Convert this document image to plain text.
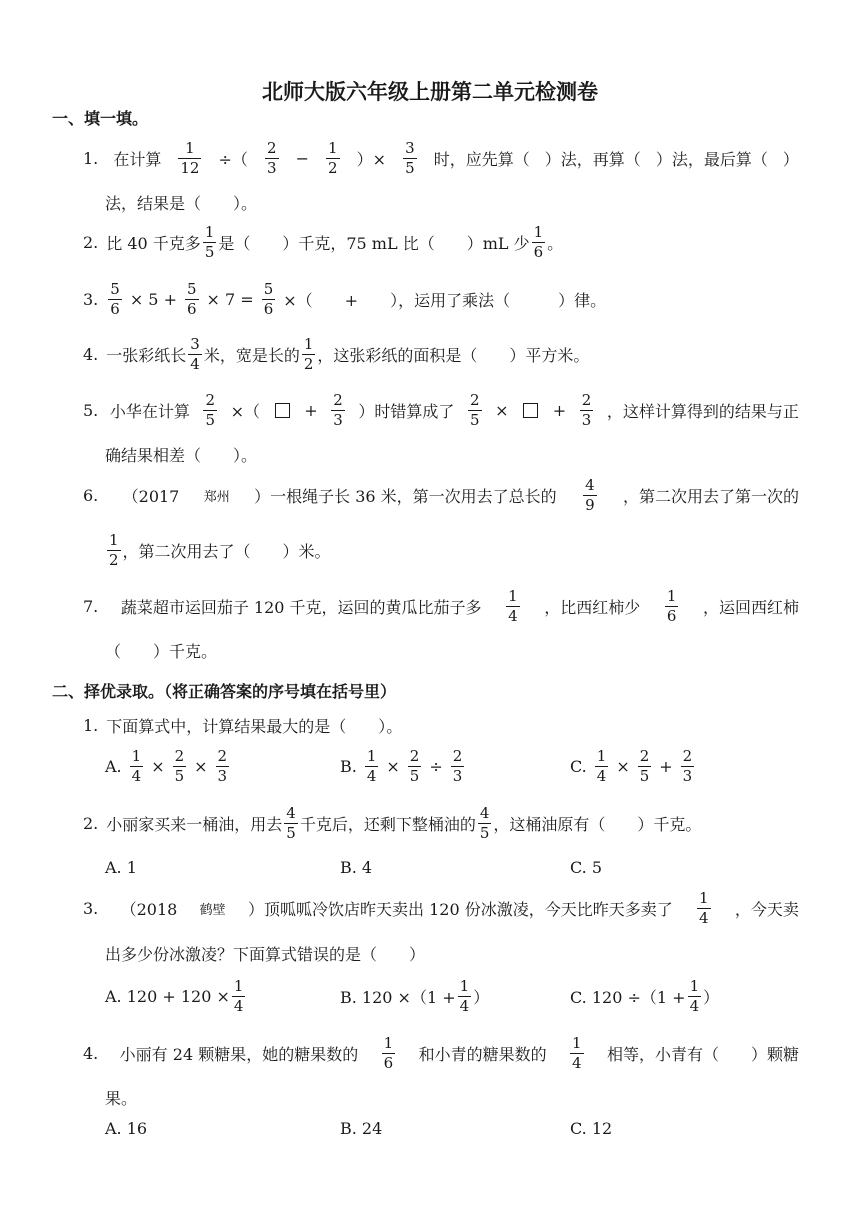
北师大版六年级上册第二单元检测卷
一、填一填。
1. 在计算 $\frac{1}{12}$ ÷（ $\frac{2}{3} - \frac{1}{2}$ ）× $\frac{3}{5}$ 时，应先算（ ）法，再算（ ）法，最后算（ ）
法，结果是（　　）。
2. 比 40 千克多 $\frac{1}{5}$ 是（　　）千克，75 mL 比（　　）mL 少 $\frac{1}{6}$ 。
3. $\frac{5}{6} \times 5 + \frac{5}{6} \times 7 = \frac{5}{6}$ ×（　　+　　），运用了乘法（　　　）律。
4. 一张彩纸长 $\frac{3}{4}$ 米，宽是长的 $\frac{1}{2}$ ，这张彩纸的面积是（　　）平方米。
5. 小华在计算 $\frac{2}{5}$ ×（	+ $\frac{2}{3}$ ）时错算成了 $\frac{2}{5}$ ×	+ $\frac{2}{3}$ ，这样计算得到的结果与正
确结果相差（　　）。
6. （2017 郑州 ）一根绳子长 36 米，第一次用去了总长的 $\frac{4}{9}$ ，第二次用去了第一次的
$\frac{1}{2}$ ，第二次用去了（　　）米。
7. 蔬菜超市运回茄子 120 千克，运回的黄瓜比茄子多 $\frac{1}{4}$ ，比西红柿少 $\frac{1}{6}$ ，运回西红柿
（　　）千克。
二、择优录取。（将正确答案的序号填在括号里）
1. 下面算式中，计算结果最大的是（　　）。
A. $\frac{1}{4} \times \frac{2}{5} \times \frac{2}{3}$	B. $\frac{1}{4} \times \frac{2}{5} \div \frac{2}{3}$	C. $\frac{1}{4} \times \frac{2}{5} + \frac{2}{3}$
2. 小丽家买来一桶油，用去 $\frac{4}{5}$ 千克后，还剩下整桶油的 $\frac{4}{5}$ ，这桶油原有（　　）千克。
A. 1	B. 4	C. 5
3. （2018 鹤壁 ）顶呱呱冷饮店昨天卖出 120 份冰激凌，今天比昨天多卖了 $\frac{1}{4}$ ，今天卖
出多少份冰激凌？下面算式错误的是（　　）
A. $120 + 120 \times \frac{1}{4}$	B. $120 \times(1 + \frac{1}{4}$ ）	C. $120 \div(1 + \frac{1}{4}$ ）
4. 小丽有 24 颗糖果，她的糖果数的 $\frac{1}{6}$ 和小青的糖果数的 $\frac{1}{4}$ 相等，小青有（　　）颗糖
果。
A. 16	B. 24	C. 12
